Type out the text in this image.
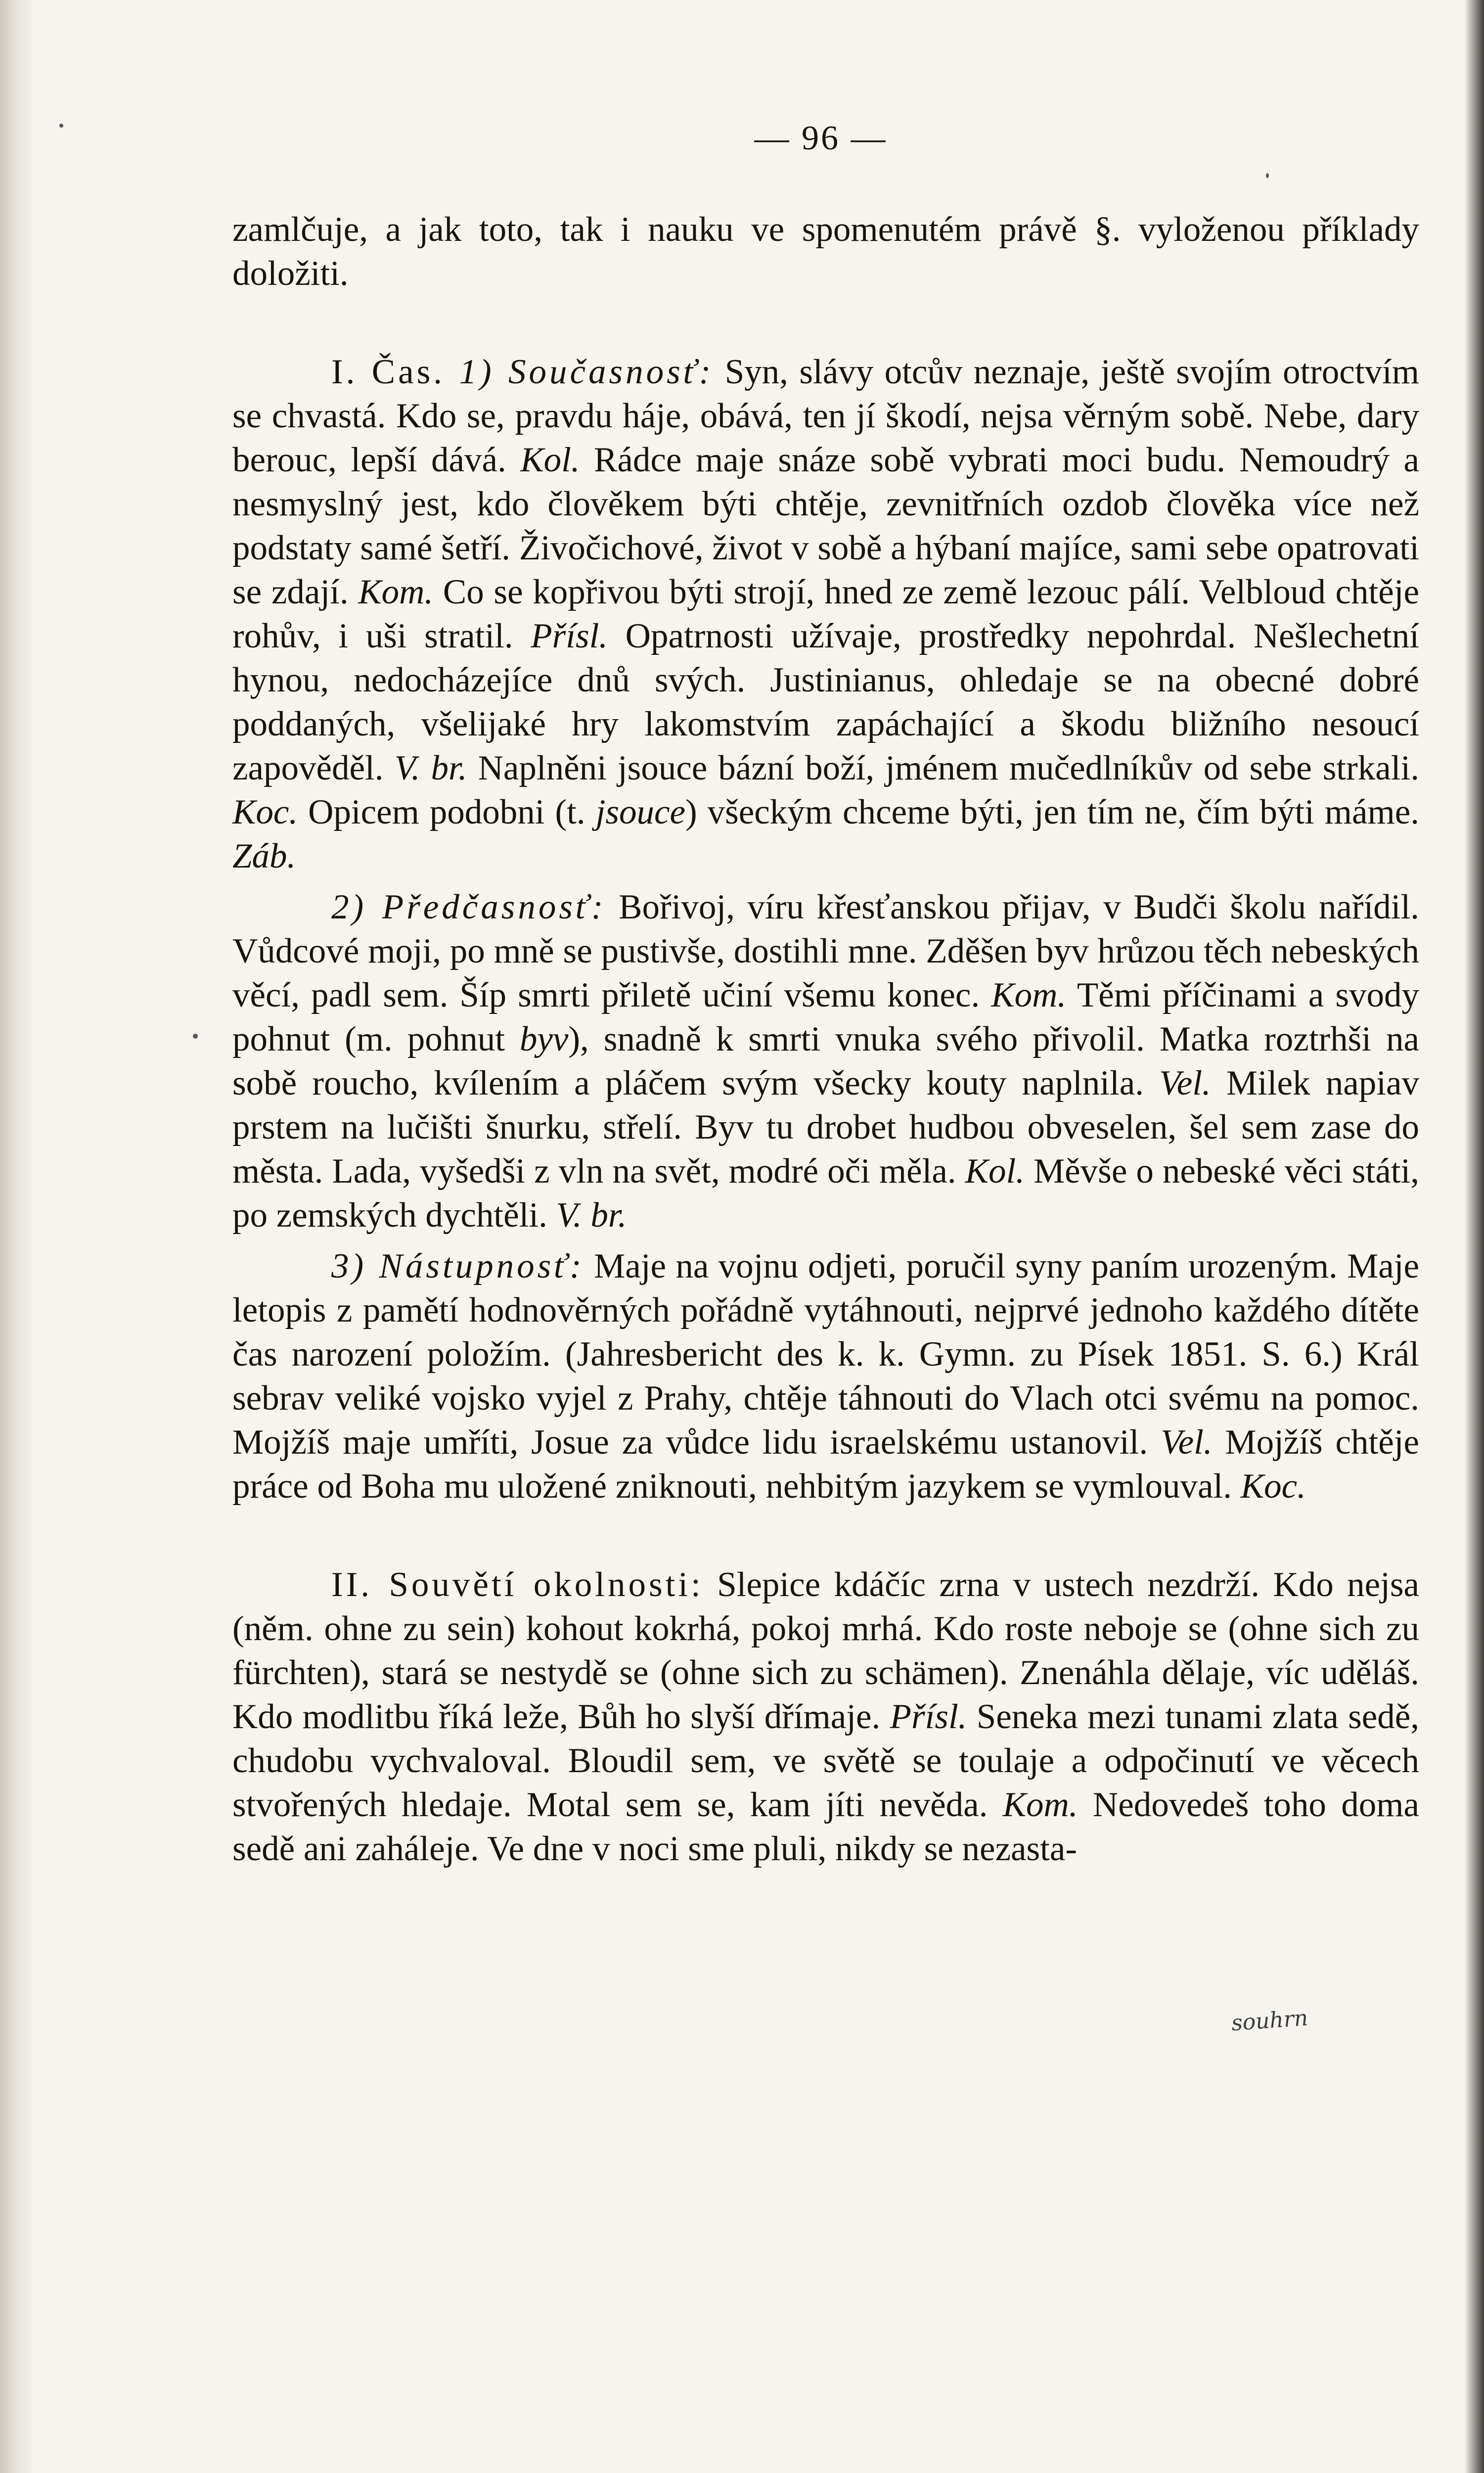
— 96 —

zamlčuje, a jak toto, tak i nauku ve spomenutém právě §. vyloženou příklady doložiti.

I. Čas. 1) Současnosť: Syn, slávy otcův neznaje, ještě svojím otroctvím se chvastá. Kdo se, pravdu háje, obává, ten jí škodí, nejsa věrným sobě. Nebe, dary berouc, lepší dává. Kol. Rádce maje snáze sobě vybrati moci budu. Nemoudrý a nesmyslný jest, kdo člověkem býti chtěje, zevnitřních ozdob člověka více než podstaty samé šetří. Živočichové, život v sobě a hýbaní majíce, sami sebe opatrovati se zdají. Kom. Co se kopřivou býti strojí, hned ze země lezouc pálí. Velbloud chtěje rohův, i uši stratil. Přísl. Opatrnosti užívaje, prostředky nepohrdal. Nešlechetní hynou, nedocházejíce dnů svých. Justinianus, ohledaje se na obecné dobré poddaných, všelijaké hry lakomstvím zapáchající a škodu bližního nesoucí zapověděl. V. br. Naplněni jsouce bázní boží, jménem mučedlníkův od sebe strkali. Koc. Opicem podobni (t. jsouce) všeckým chceme býti, jen tím ne, čím býti máme. Záb.

2) Předčasnosť: Bořivoj, víru křesťanskou přijav, v Budči školu nařídil. Vůdcové moji, po mně se pustivše, dostihli mne. Zděšen byv hrůzou těch nebeských věcí, padl sem. Šíp smrti přiletě učiní všemu konec. Kom. Těmi příčinami a svody pohnut (m. pohnut byv), snadně k smrti vnuka svého přivolil. Matka roztrhši na sobě roucho, kvílením a pláčem svým všecky kouty naplnila. Vel. Milek napiav prstem na lučišti šnurku, střelí. Byv tu drobet hudbou obveselen, šel sem zase do města. Lada, vyšedši z vln na svět, modré oči měla. Kol. Měvše o nebeské věci státi, po zemských dychtěli. V. br.

3) Nástupnosť: Maje na vojnu odjeti, poručil syny paním urozeným. Maje letopis z pamětí hodnověrných pořádně vytáhnouti, nejprvé jednoho každého dítěte čas narození položím. (Jahresbericht des k. k. Gymn. zu Písek 1851. S. 6.) Král sebrav veliké vojsko vyjel z Prahy, chtěje táhnouti do Vlach otci svému na pomoc. Mojžíš maje umříti, Josue za vůdce lidu israelskému ustanovil. Vel. Mojžíš chtěje práce od Boha mu uložené zniknouti, nehbitým jazykem se vymlouval. Koc.

II. Souvětí okolnosti: Slepice kdáčíc zrna v ustech nezdrží. Kdo nejsa (něm. ohne zu sein) kohout kokrhá, pokoj mrhá. Kdo roste neboje se (ohne sich zu fürchten), stará se nestydě se (ohne sich zu schämen). Znenáhla dělaje, víc uděláš. Kdo modlitbu říká leže, Bůh ho slyší dřímaje. Přísl. Seneka mezi tunami zlata sedě, chudobu vychvaloval. Bloudil sem, ve světě se toulaje a odpočinutí ve věcech stvořených hledaje. Motal sem se, kam jíti nevěda. Kom. Nedovedeš toho doma sedě ani zaháleje. Ve dne v noci sme pluli, nikdy se nezasta-

souhrn
